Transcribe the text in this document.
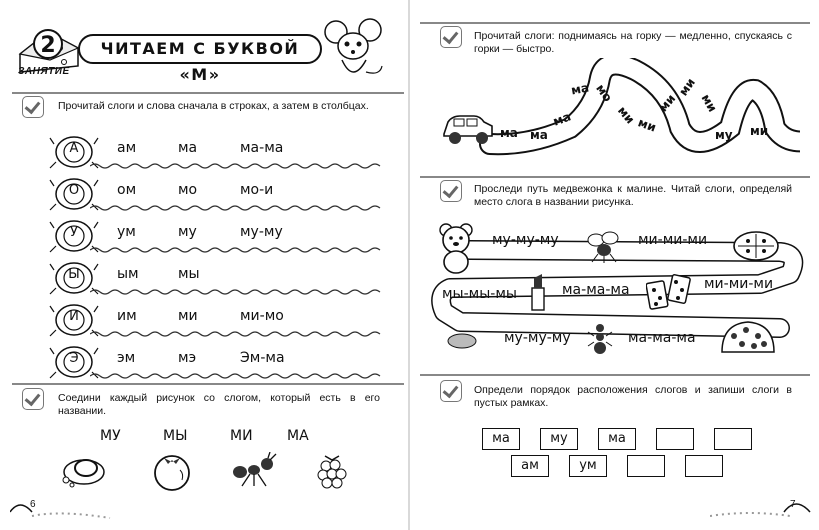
2
ЗАНЯТИЕ
ЧИТАЕМ С БУКВОЙ «М»
Прочитай слоги и слова сначала в строках, а затем в столбцах.
А	ам	ма	ма-ма
О	ом	мо	мо-и
У	ум	му	му-му
Ы	ым	мы
И	им	ми	ми-мо
Э	эм	мэ	Эм-ма
Соедини каждый рисунок со слогом, который есть в его названии.
МУ	МЫ	МИ МА
6
Прочитай слоги: поднимаясь на горку — медленно, спускаясь с горки — быстро.
ма ма
ма
ма мо
ми
ми
ми
ми
ми
му ми
Проследи путь медвежонка к малине. Читай слоги, определяй место слога в названии рисунка.
му-му-му	ми-ми-ми
мы-мы-мы	ма-ма-ма	ми-ми-ми
му-му-му	ма-ма-ма
Определи порядок расположения слогов и запиши слоги в пустых рамках.
ма	му	ма
ам	ум
7
